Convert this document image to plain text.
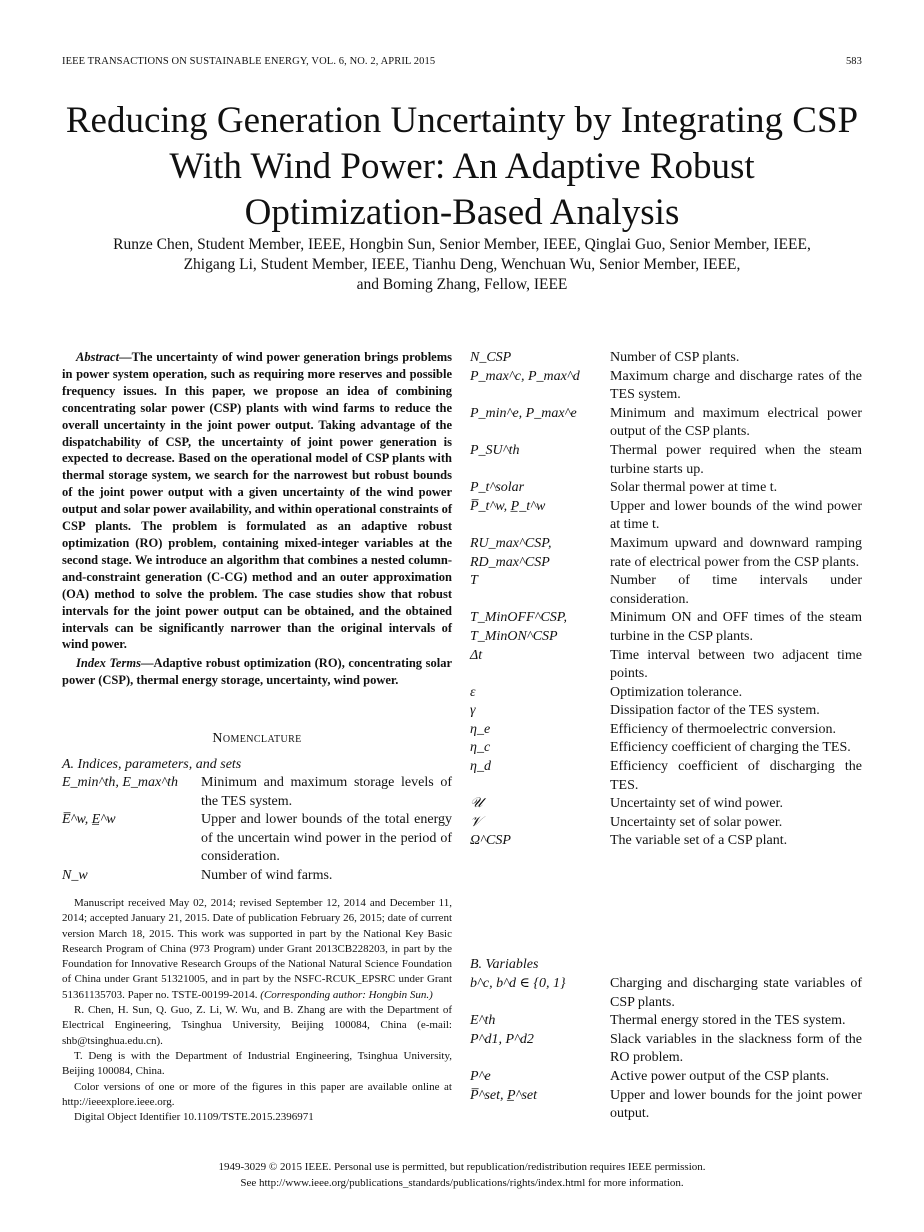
IEEE TRANSACTIONS ON SUSTAINABLE ENERGY, VOL. 6, NO. 2, APRIL 2015	583
Reducing Generation Uncertainty by Integrating CSP
With Wind Power: An Adaptive Robust
Optimization-Based Analysis
Runze Chen, Student Member, IEEE, Hongbin Sun, Senior Member, IEEE, Qinglai Guo, Senior Member, IEEE,
Zhigang Li, Student Member, IEEE, Tianhu Deng, Wenchuan Wu, Senior Member, IEEE,
and Boming Zhang, Fellow, IEEE
Abstract—The uncertainty of wind power generation brings problems in power system operation, such as requiring more reserves and possible frequency issues. In this paper, we propose an idea of combining concentrating solar power (CSP) plants with wind farms to reduce the overall uncertainty in the joint power output. Taking advantage of the dispatchability of CSP, the uncertainty of joint power generation is expected to decrease. Based on the operational model of CSP plants with thermal storage system, we search for the narrowest but robust bounds of the joint power output with a given uncertainty of the wind power output and solar power availability, and within operational constraints of CSP plants. The problem is formulated as an adaptive robust optimization (RO) problem, containing mixed-integer variables at the second stage. We introduce an algorithm that combines a nested column-and-constraint generation (C-CG) method and an outer approximation (OA) method to solve the problem. The case studies show that robust intervals for the joint power output can be obtained, and the obtained intervals can be significantly narrower than the original intervals of wind power.
Index Terms—Adaptive robust optimization (RO), concentrating solar power (CSP), thermal energy storage, uncertainty, wind power.
Nomenclature
A. Indices, parameters, and sets
E_min^th, E_max^th	Minimum and maximum storage levels of the TES system.
E̅^w, E̲^w	Upper and lower bounds of the total energy of the uncertain wind power in the period of consideration.
N_w	Number of wind farms.

Manuscript received May 02, 2014; revised September 12, 2014 and December 11, 2014; accepted January 21, 2015. Date of publication February 26, 2015; date of current version March 18, 2015. This work was supported in part by the National Key Basic Research Program of China (973 Program) under Grant 2013CB228203, in part by the Foundation for Innovative Research Groups of the National Natural Science Foundation of China under Grant 51321005, and in part by the NSFC-RCUK_EPSRC under Grant 51361135703. Paper no. TSTE-00199-2014. (Corresponding author: Hongbin Sun.)

R. Chen, H. Sun, Q. Guo, Z. Li, W. Wu, and B. Zhang are with the Department of Electrical Engineering, Tsinghua University, Beijing 100084, China (e-mail: shb@tsinghua.edu.cn).

T. Deng is with the Department of Industrial Engineering, Tsinghua University, Beijing 100084, China.

Color versions of one or more of the figures in this paper are available online at http://ieeexplore.ieee.org.

Digital Object Identifier 10.1109/TSTE.2015.2396971

N_CSP	Number of CSP plants.
P_max^c, P_max^d	Maximum charge and discharge rates of the TES system.
P_min^e, P_max^e	Minimum and maximum electrical power output of the CSP plants.
P_SU^th	Thermal power required when the steam turbine starts up.
P_t^solar	Solar thermal power at time t.
P̅_t^w, P̲_t^w	Upper and lower bounds of the wind power at time t.
RU_max^CSP, RD_max^CSP	Maximum upward and downward ramping rate of electrical power from the CSP plants.
T	Number of time intervals under consideration.
T_MinOFF^CSP, T_MinON^CSP	Minimum ON and OFF times of the steam turbine in the CSP plants.
Δt	Time interval between two adjacent time points.
ε	Optimization tolerance.
γ	Dissipation factor of the TES system.
η_e	Efficiency of thermoelectric conversion.
η_c	Efficiency coefficient of charging the TES.
η_d	Efficiency coefficient of discharging the TES.
𝒰	Uncertainty set of wind power.
𝒱	Uncertainty set of solar power.
Ω^CSP	The variable set of a CSP plant.
B. Variables
b^c, b^d ∈ {0, 1}	Charging and discharging state variables of CSP plants.
E^th	Thermal energy stored in the TES system.
P^d1, P^d2	Slack variables in the slackness form of the RO problem.
P^e	Active power output of the CSP plants.
P̅^set, P̲^set	Upper and lower bounds for the joint power output.
1949-3029 © 2015 IEEE. Personal use is permitted, but republication/redistribution requires IEEE permission.
See http://www.ieee.org/publications_standards/publications/rights/index.html for more information.
